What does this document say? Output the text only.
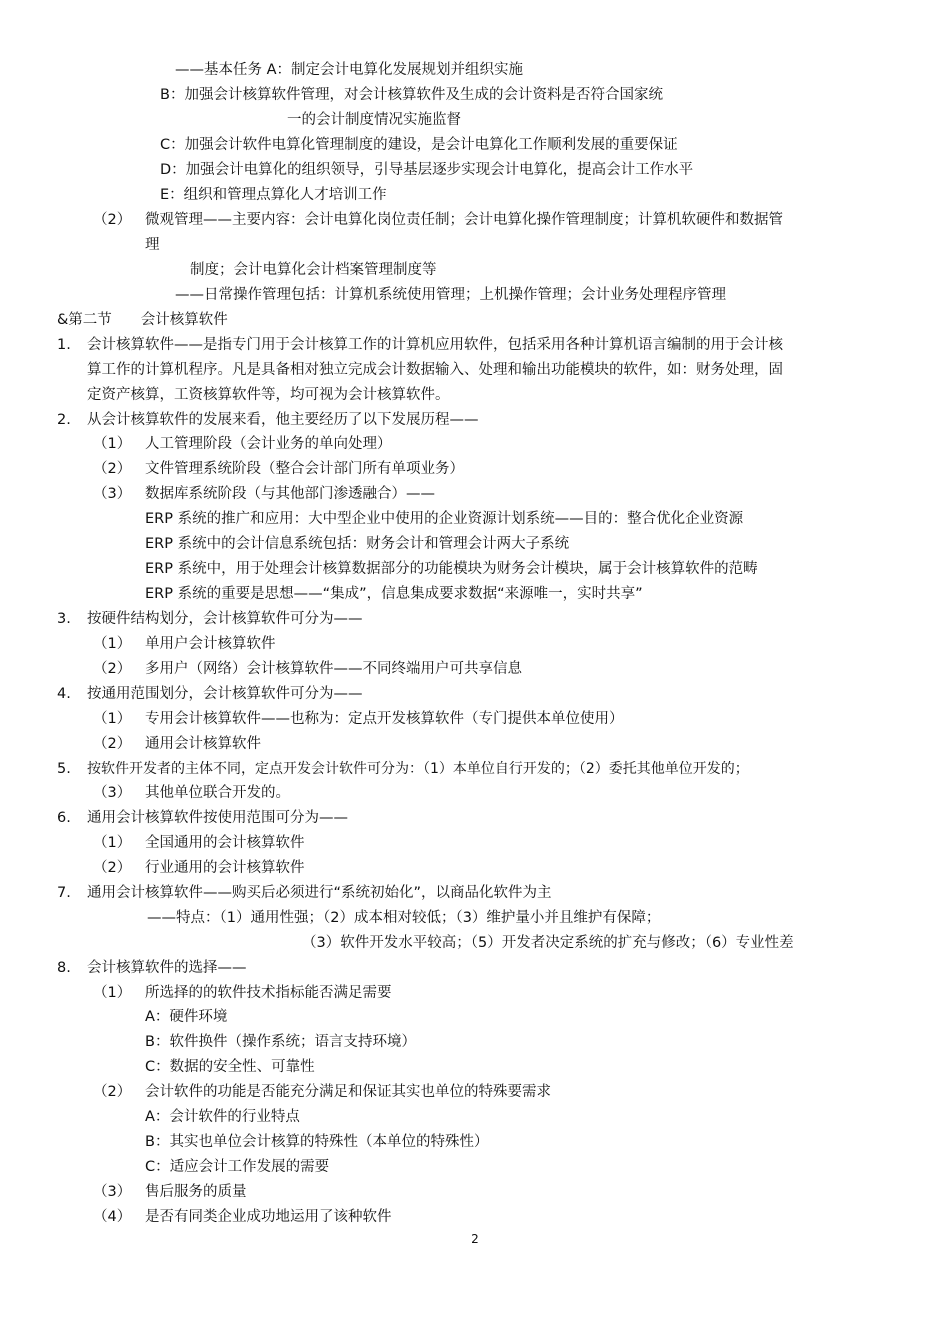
——基本任务 A：制定会计电算化发展规划并组织实施
B：加强会计核算软件管理，对会计核算软件及生成的会计资料是否符合国家统
一的会计制度情况实施监督
C：加强会计软件电算化管理制度的建设，是会计电算化工作顺利发展的重要保证
D：加强会计电算化的组织领导，引导基层逐步实现会计电算化，提高会计工作水平
E：组织和管理点算化人才培训工作
（2） 微观管理——主要内容：会计电算化岗位责任制；会计电算化操作管理制度；计算机软硬件和数据管
理
制度；会计电算化会计档案管理制度等
——日常操作管理包括：计算机系统使用管理；上机操作管理；会计业务处理程序管理
&第二节　　会计核算软件
1. 会计核算软件——是指专门用于会计核算工作的计算机应用软件，包括采用各种计算机语言编制的用于会计核
算工作的计算机程序。凡是具备相对独立完成会计数据输入、处理和输出功能模块的软件，如：财务处理，固
定资产核算，工资核算软件等，均可视为会计核算软件。
2. 从会计核算软件的发展来看，他主要经历了以下发展历程——
（1） 人工管理阶段（会计业务的单向处理）
（2） 文件管理系统阶段（整合会计部门所有单项业务）
（3） 数据库系统阶段（与其他部门渗透融合）——
ERP 系统的推广和应用：大中型企业中使用的企业资源计划系统——目的：整合优化企业资源
ERP 系统中的会计信息系统包括：财务会计和管理会计两大子系统
ERP 系统中，用于处理会计核算数据部分的功能模块为财务会计模块，属于会计核算软件的范畴
ERP 系统的重要是思想——“集成”，信息集成要求数据“来源唯一，实时共享”
3. 按硬件结构划分，会计核算软件可分为——
（1） 单用户会计核算软件
（2） 多用户（网络）会计核算软件——不同终端用户可共享信息
4. 按通用范围划分，会计核算软件可分为——
（1） 专用会计核算软件——也称为：定点开发核算软件（专门提供本单位使用）
（2） 通用会计核算软件
5. 按软件开发者的主体不同，定点开发会计软件可分为：（1）本单位自行开发的；（2）委托其他单位开发的；
（3） 其他单位联合开发的。
6. 通用会计核算软件按使用范围可分为——
（1） 全国通用的会计核算软件
（2） 行业通用的会计核算软件
7. 通用会计核算软件——购买后必须进行“系统初始化”，以商品化软件为主
——特点：（1）通用性强；（2）成本相对较低；（3）维护量小并且维护有保障；
（3）软件开发水平较高；（5）开发者决定系统的扩充与修改；（6）专业性差
8. 会计核算软件的选择——
（1） 所选择的的软件技术指标能否满足需要
A：硬件环境
B：软件换件（操作系统；语言支持环境）
C：数据的安全性、可靠性
（2） 会计软件的功能是否能充分满足和保证其实也单位的特殊要需求
A：会计软件的行业特点
B：其实也单位会计核算的特殊性（本单位的特殊性）
C：适应会计工作发展的需要
（3） 售后服务的质量
（4） 是否有同类企业成功地运用了该种软件
2
